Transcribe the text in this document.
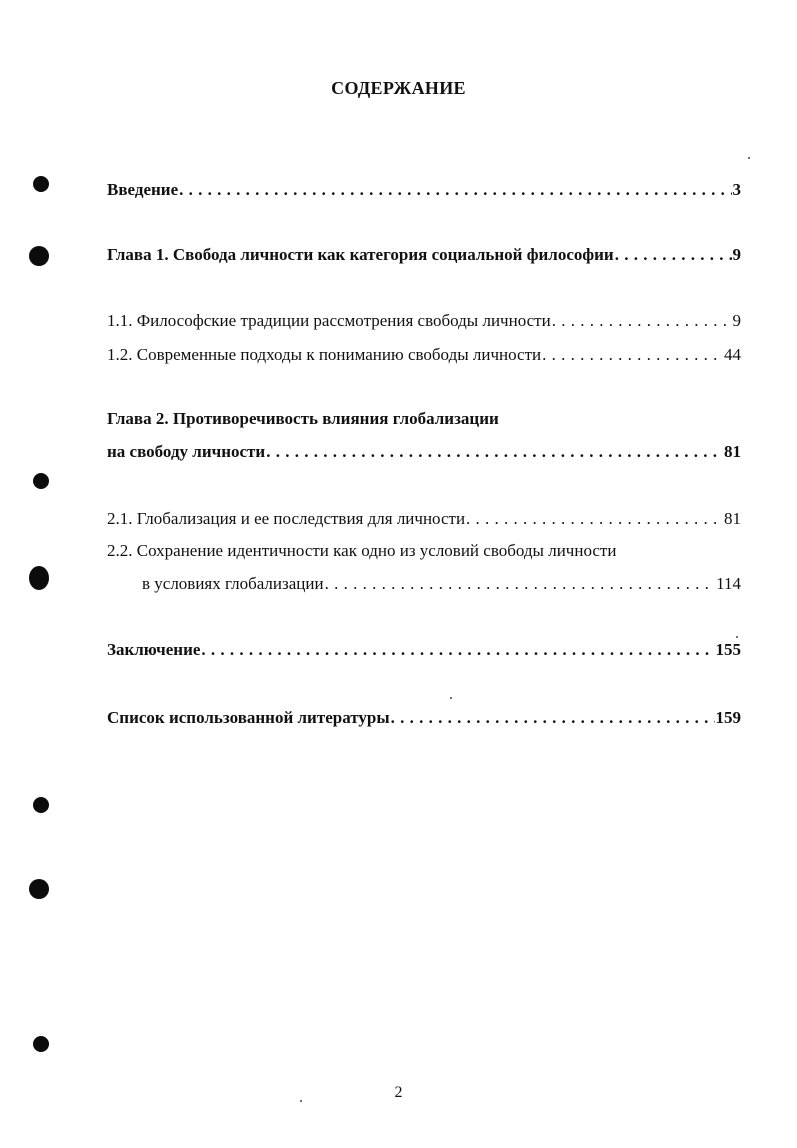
СОДЕРЖАНИЕ
Введение . . .	3
Глава 1. Свобода личности как категория социальной философии . . .	9
1.1. Философские традиции рассмотрения свободы личности . . .	9
1.2. Современные подходы к пониманию свободы личности . . .	44
Глава 2. Противоречивость влияния глобализации
на свободу личности . . .	81
2.1. Глобализация и ее последствия для личности . . .	81
2.2. Сохранение идентичности как одно из условий свободы личности
в условиях глобализации . . .	114
Заключение . . .	155
Список использованной литературы . . .	159
2
